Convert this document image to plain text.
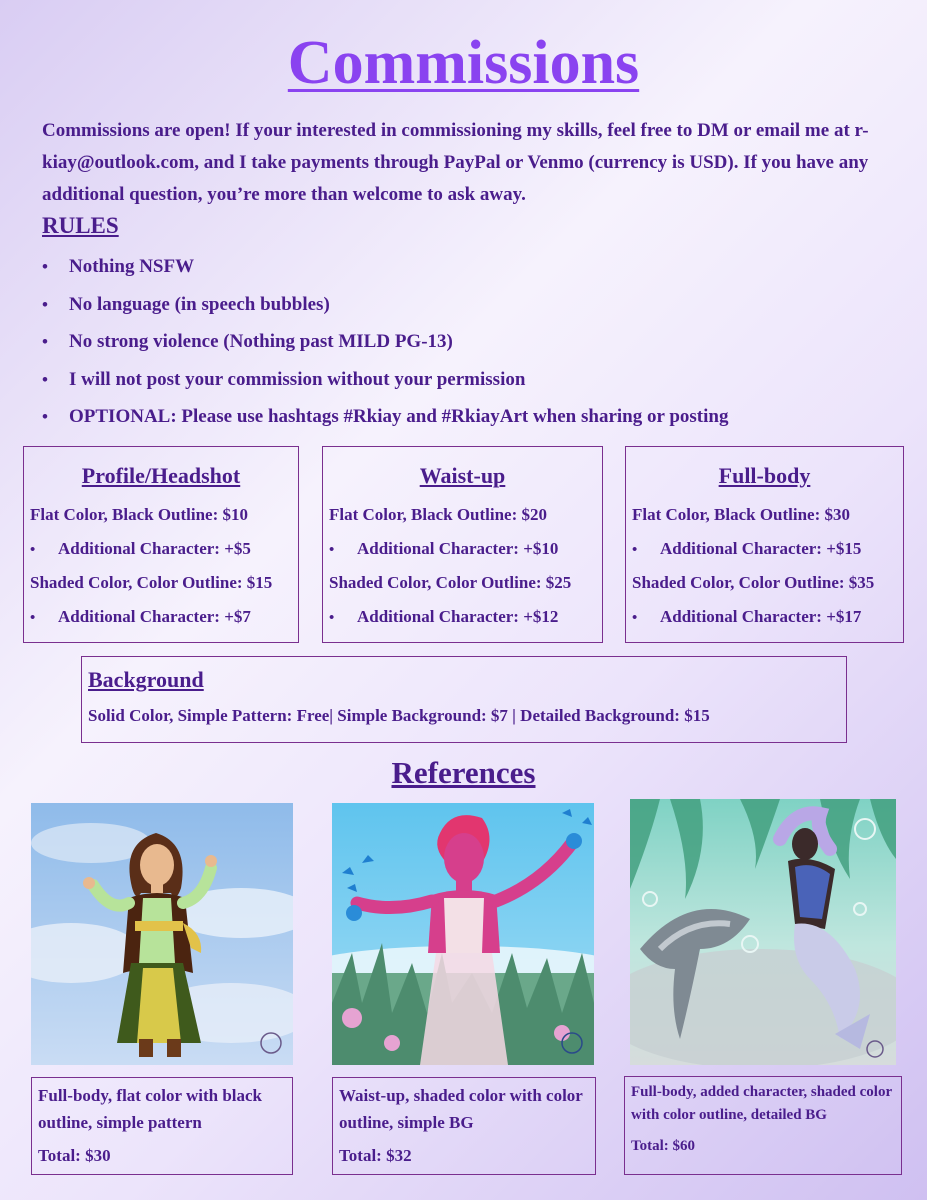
Commissions
Commissions are open! If your interested in commissioning my skills, feel free to DM or email me at r-kiay@outlook.com, and I take payments through PayPal or Venmo (currency is USD). If you have any additional question, you’re more than welcome to ask away.
RULES
• Nothing NSFW
• No language (in speech bubbles)
• No strong violence (Nothing past MILD PG-13)
• I will not post your commission without your permission
• OPTIONAL: Please use hashtags #Rkiay and #RkiayArt when sharing or posting
Profile/Headshot
Flat Color, Black Outline: $10
• Additional Character: +$5
Shaded Color, Color Outline: $15
• Additional Character: +$7
Waist-up
Flat Color, Black Outline: $20
• Additional Character: +$10
Shaded Color, Color Outline: $25
• Additional Character: +$12
Full-body
Flat Color, Black Outline: $30
• Additional Character: +$15
Shaded Color, Color Outline: $35
• Additional Character: +$17
Background
Solid Color, Simple Pattern: Free| Simple Background: $7 | Detailed Background: $15
References
Full-body, flat color with black outline, simple pattern
Total: $30
Waist-up, shaded color with color outline, simple BG
Total: $32
Full-body, added character, shaded color with color outline, detailed BG
Total: $60
